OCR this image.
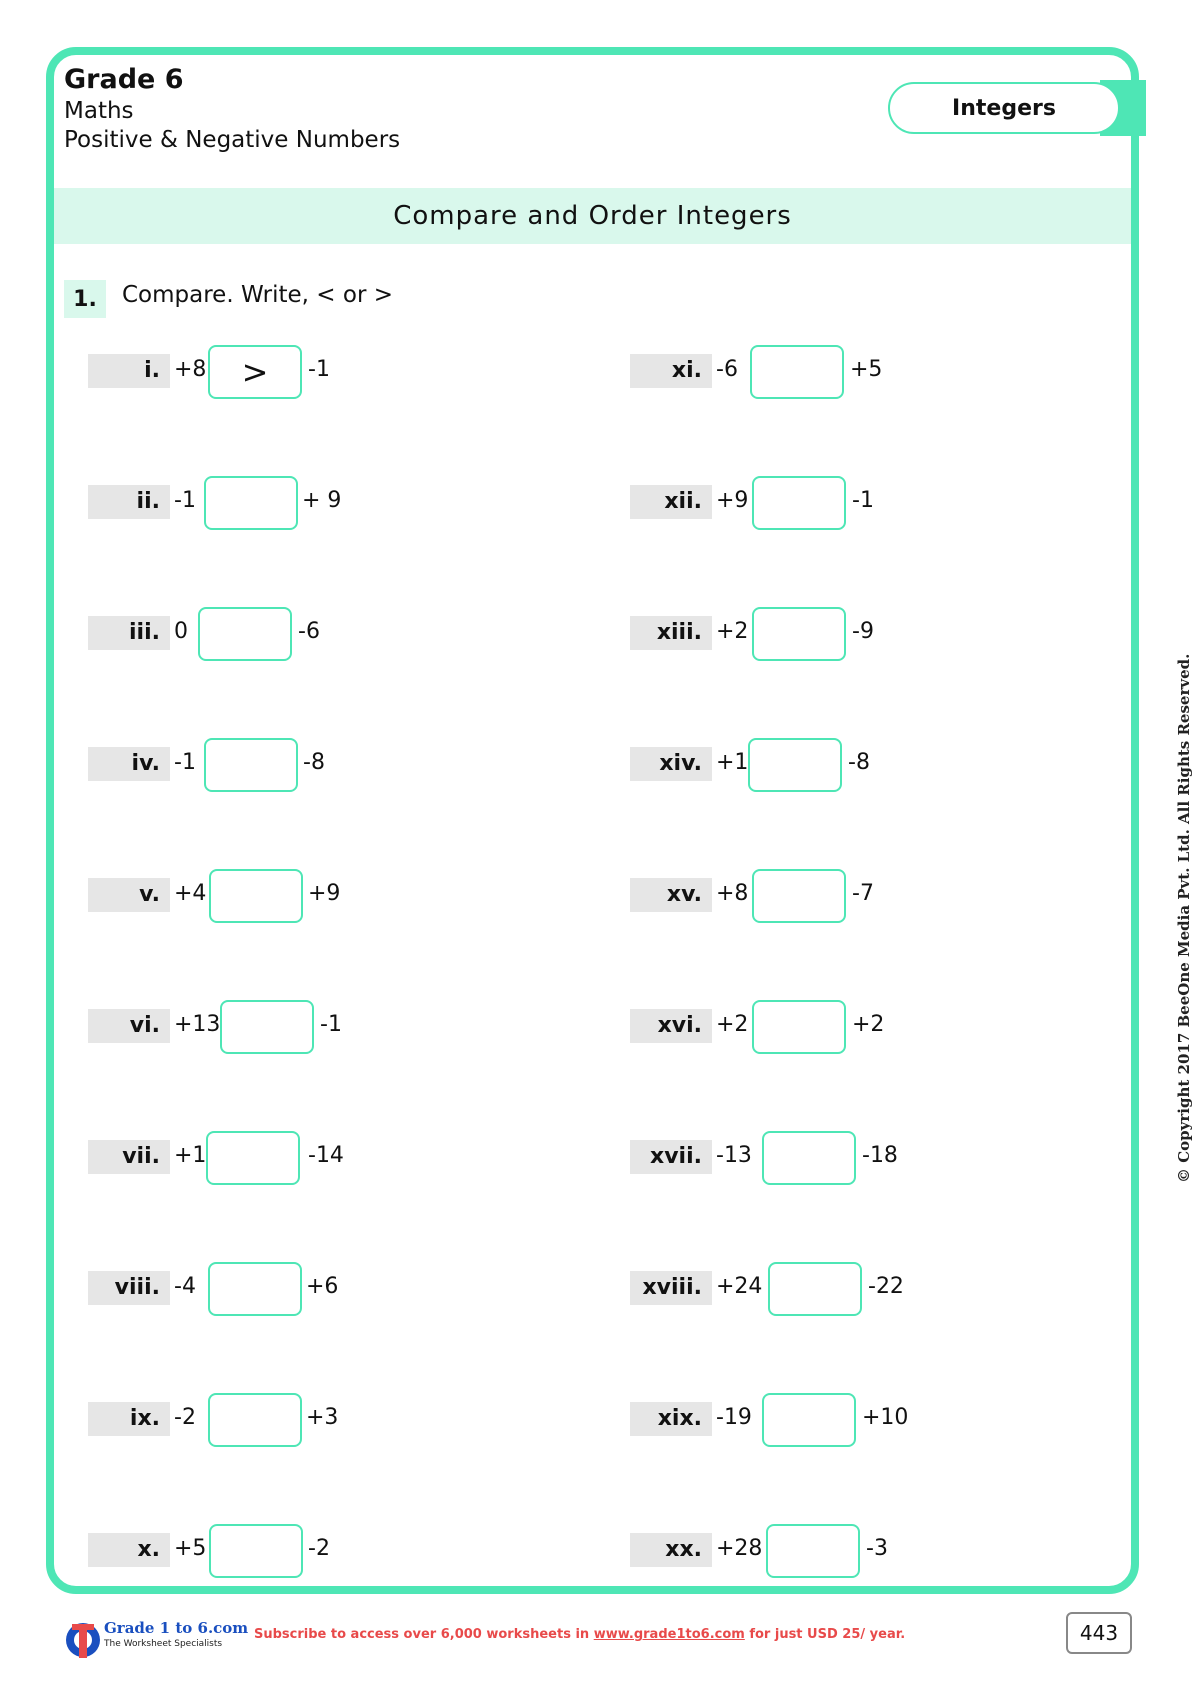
Grade 6
Maths
Positive & Negative Numbers
Integers
Compare and Order Integers
1.	Compare. Write, < or >
i. +8	>	-1
ii. -1	+ 9
iii. 0	-6
iv. -1	-8
v. +4	+9
vi. +13	-1
vii. +1	-14
viii. -4	+6
ix. -2	+3
x. +5	-2
xi. -6	+5
xii. +9	-1
xiii. +2	-9
xiv. +1	-8
xv. +8	-7
xvi. +2	+2
xvii. -13	-18
xviii. +24	-22
xix. -19	+10
xx. +28	-3
© Copyright 2017 BeeOne Media Pvt. Ltd. All Rights Reserved.
Grade 1 to 6.com
The Worksheet Specialists
Subscribe to access over 6,000 worksheets in www.grade1to6.com for just USD 25/ year.	443
